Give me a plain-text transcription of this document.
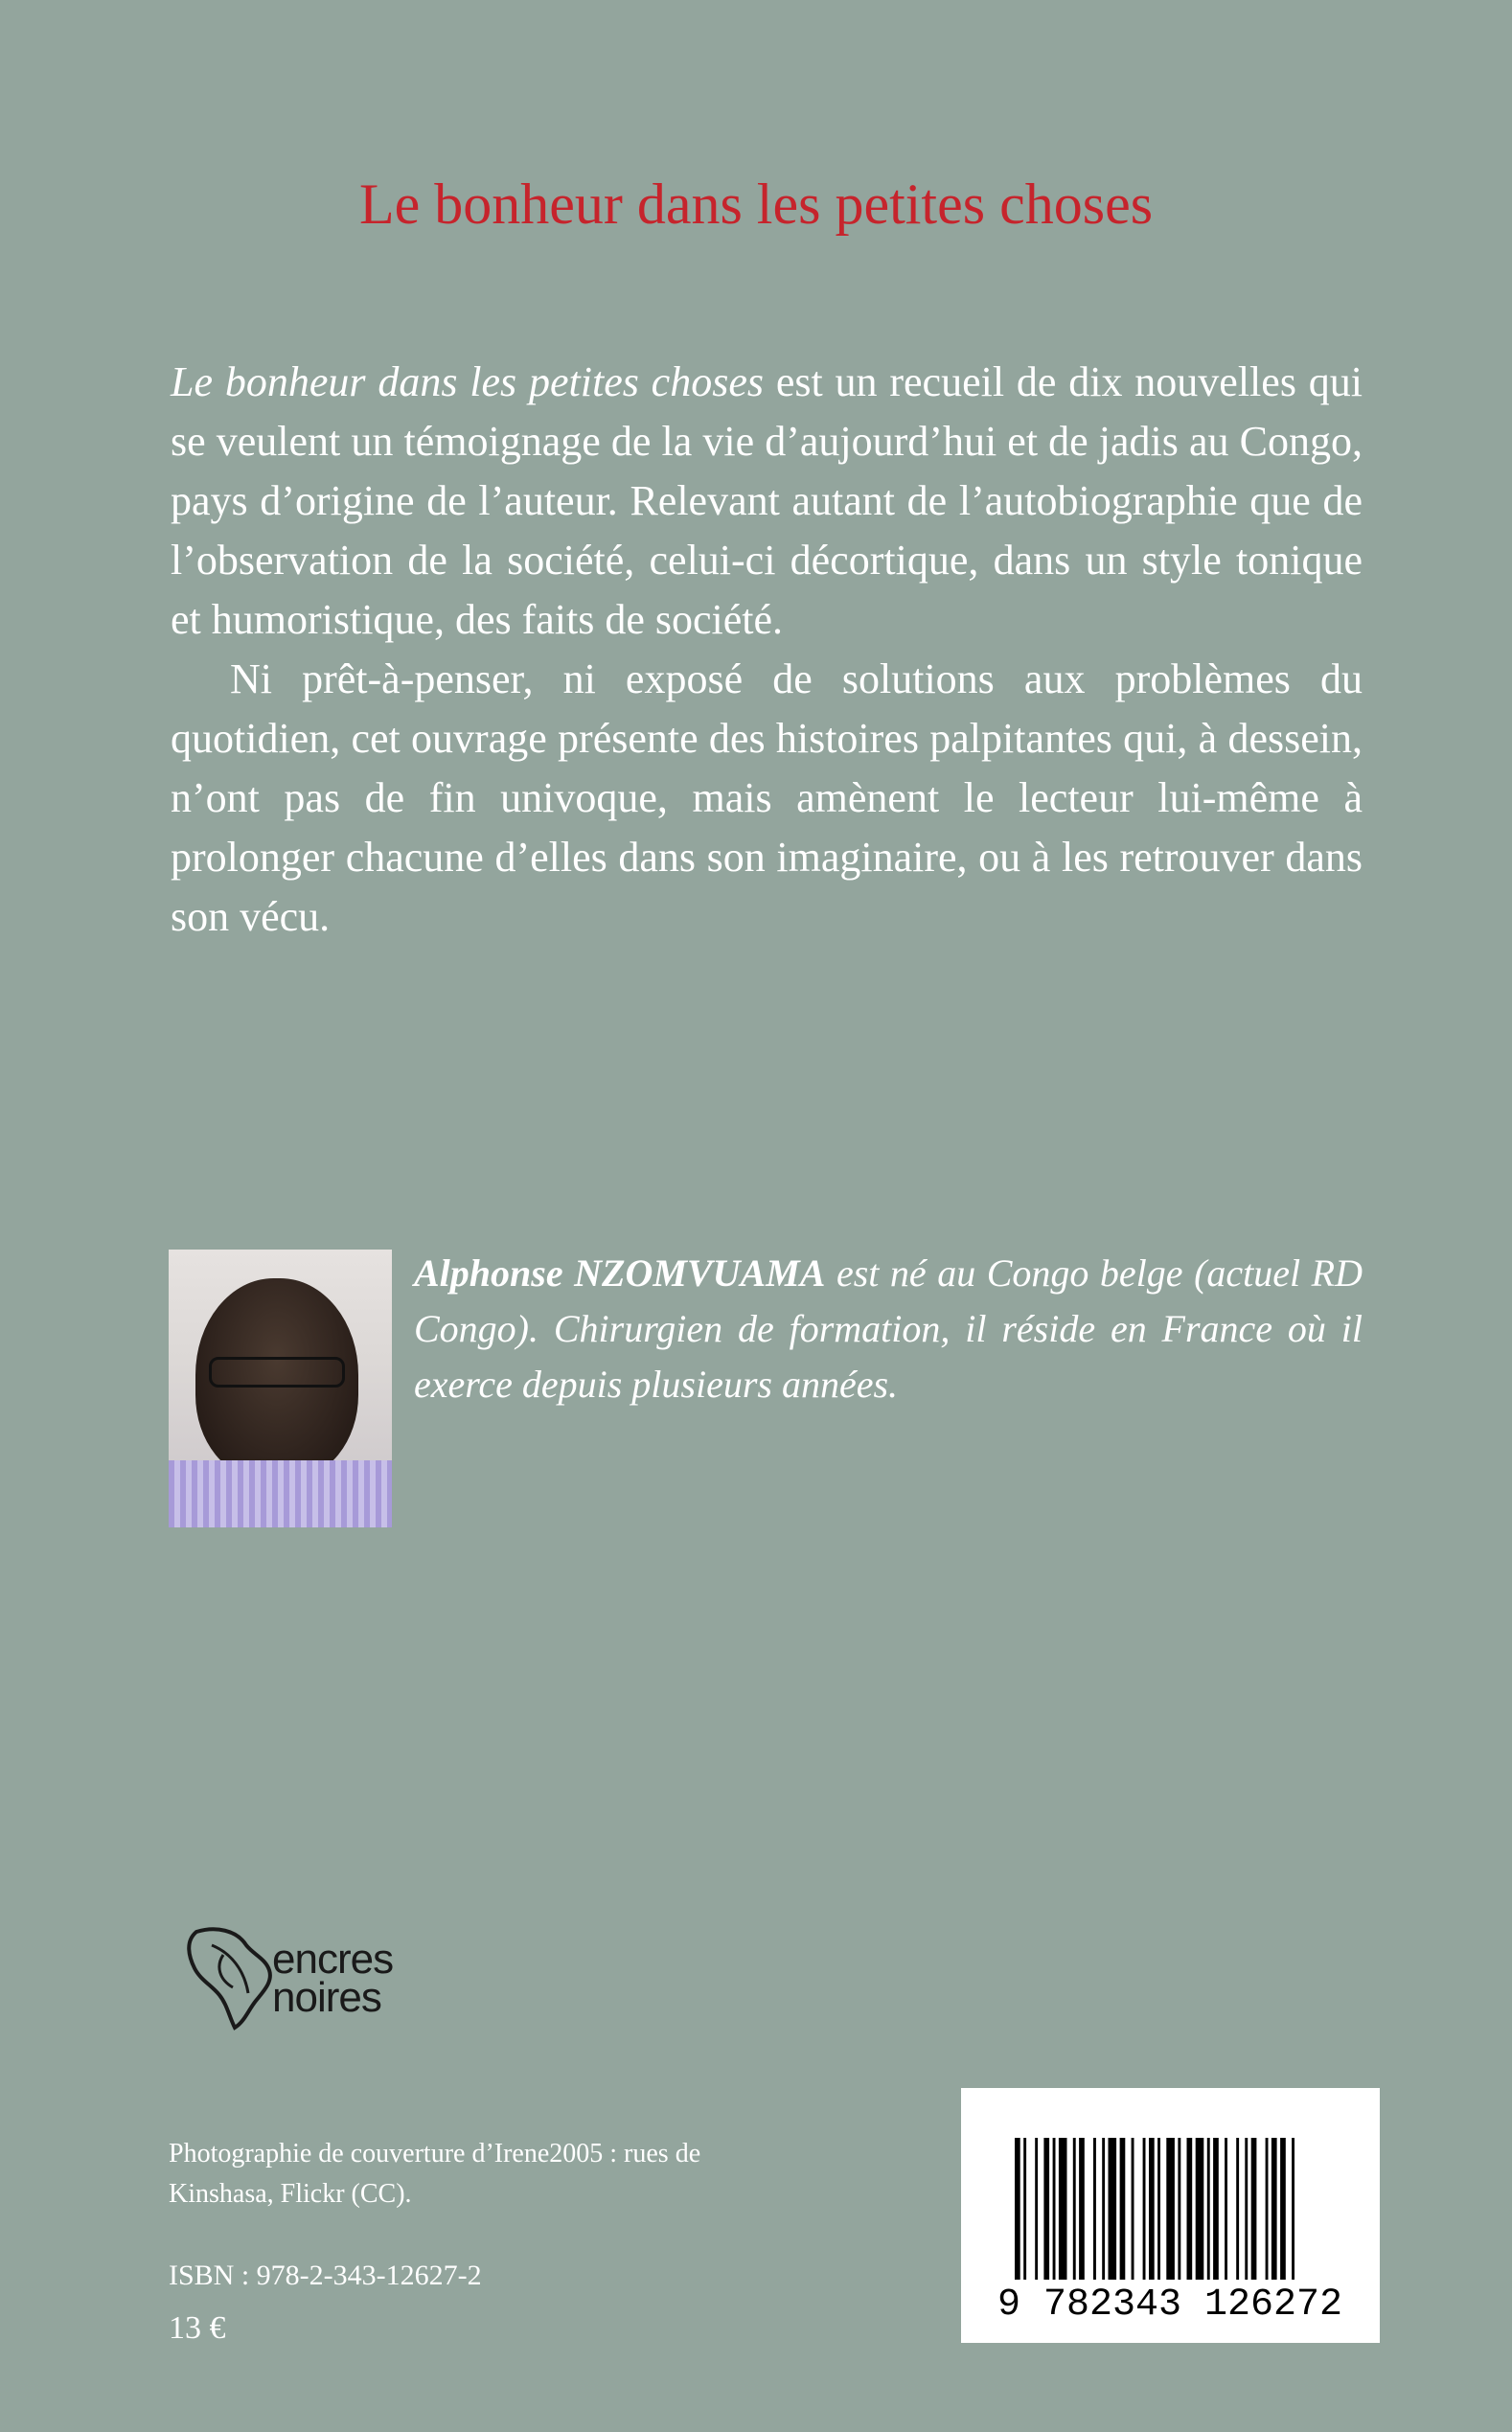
Le bonheur dans les petites choses

Le bonheur dans les petites choses est un recueil de dix nouvelles qui se veulent un témoignage de la vie d’aujourd’hui et de jadis au Congo, pays d’origine de l’auteur. Relevant autant de l’autobiographie que de l’observation de la société, celui-ci décortique, dans un style tonique et humoristique, des faits de société.

Ni prêt-à-penser, ni exposé de solutions aux problèmes du quotidien, cet ouvrage présente des histoires palpitantes qui, à dessein, n’ont pas de fin univoque, mais amènent le lecteur lui-même à prolonger chacune d’elles dans son imaginaire, ou à les retrouver dans son vécu.

Alphonse NZOMVUAMA est né au Congo belge (actuel RD Congo). Chirurgien de formation, il réside en France où il exerce depuis plusieurs années.
encres
noires
Photographie de couverture d’Irene2005 : rues de Kinshasa, Flickr (CC).
ISBN : 978-2-343-12627-2
13 €
9 782343 126272
